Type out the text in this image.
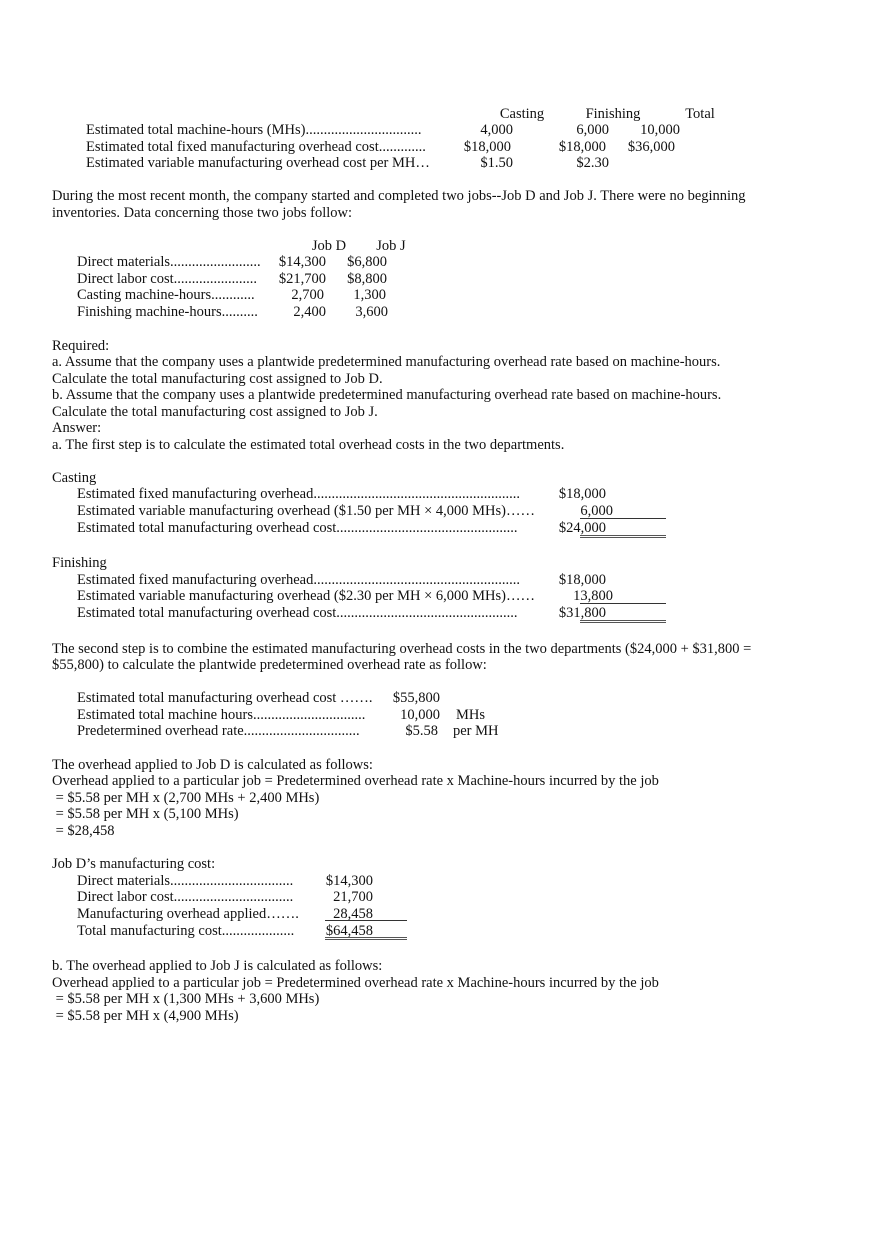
Casting	Finishing	Total
Estimated total machine-hours (MHs)................................	4,000	6,000	10,000
Estimated total fixed manufacturing overhead cost.............	$18,000	$18,000	$36,000
Estimated variable manufacturing overhead cost per MH…	$1.50	$2.30
During the most recent month, the company started and completed two jobs--Job D and Job J. There were no beginning
inventories. Data concerning those two jobs follow:
Job D	Job J
Direct materials.........................	$14,300	$6,800
Direct labor cost.......................	$21,700	$8,800
Casting machine-hours............	2,700	1,300
Finishing machine-hours..........	2,400	3,600
Required:
a. Assume that the company uses a plantwide predetermined manufacturing overhead rate based on machine-hours.
Calculate the total manufacturing cost assigned to Job D.
b. Assume that the company uses a plantwide predetermined manufacturing overhead rate based on machine-hours.
Calculate the total manufacturing cost assigned to Job J.
Answer:
a. The first step is to calculate the estimated total overhead costs in the two departments.
Casting
Estimated fixed manufacturing overhead.........................................................	$18,000
Estimated variable manufacturing overhead ($1.50 per MH × 4,000 MHs)……	6,000
Estimated total manufacturing overhead cost..................................................	$24,000
Finishing
Estimated fixed manufacturing overhead.........................................................	$18,000
Estimated variable manufacturing overhead ($2.30 per MH × 6,000 MHs)……	13,800
Estimated total manufacturing overhead cost..................................................	$31,800
The second step is to combine the estimated manufacturing overhead costs in the two departments ($24,000 + $31,800 =
$55,800) to calculate the plantwide predetermined overhead rate as follow:
Estimated total manufacturing overhead cost …….	$55,800
Estimated total machine hours...............................	10,000 MHs
Predetermined overhead rate................................	$5.58 per MH
The overhead applied to Job D is calculated as follows:
Overhead applied to a particular job = Predetermined overhead rate x Machine-hours incurred by the job
= $5.58 per MH x (2,700 MHs + 2,400 MHs)
= $5.58 per MH x (5,100 MHs)
= $28,458
Job D’s manufacturing cost:
Direct materials..................................	$14,300
Direct labor cost.................................	21,700
Manufacturing overhead applied…….	28,458
Total manufacturing cost....................	$64,458
b. The overhead applied to Job J is calculated as follows:
Overhead applied to a particular job = Predetermined overhead rate x Machine-hours incurred by the job
= $5.58 per MH x (1,300 MHs + 3,600 MHs)
= $5.58 per MH x (4,900 MHs)
